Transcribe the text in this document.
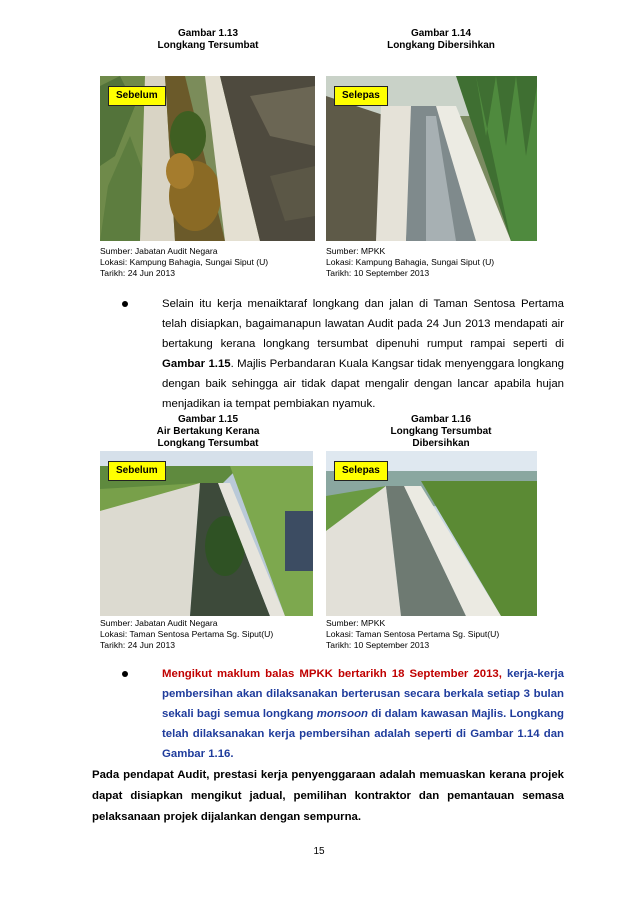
Gambar 1.13
Longkang Tersumbat
Sebelum
Sumber: Jabatan Audit Negara
Lokasi: Kampung Bahagia, Sungai Siput (U)
Tarikh: 24 Jun 2013
Gambar 1.14
Longkang Dibersihkan
Selepas
Sumber: MPKK
Lokasi: Kampung Bahagia, Sungai Siput (U)
Tarikh: 10 September 2013

Selain itu kerja menaiktaraf longkang dan jalan di Taman Sentosa Pertama telah disiapkan, bagaimanapun lawatan Audit pada 24 Jun 2013 mendapati air bertakung kerana longkang tersumbat dipenuhi rumput rampai seperti di Gambar 1.15. Majlis Perbandaran Kuala Kangsar tidak menyenggara longkang dengan baik sehingga air tidak dapat mengalir dengan lancar apabila hujan menjadikan ia tempat pembiakan nyamuk.

Gambar 1.15
Air Bertakung Kerana
Longkang Tersumbat
Sebelum
Sumber: Jabatan Audit Negara
Lokasi: Taman Sentosa Pertama Sg. Siput(U)
Tarikh: 24 Jun 2013
Gambar 1.16
Longkang Tersumbat
Dibersihkan
Selepas
Sumber: MPKK
Lokasi: Taman Sentosa Pertama Sg. Siput(U)
Tarikh: 10 September 2013

Mengikut maklum balas MPKK bertarikh 18 September 2013, kerja-kerja pembersihan akan dilaksanakan berterusan secara berkala setiap 3 bulan sekali bagi semua longkang monsoon di dalam kawasan Majlis. Longkang telah dilaksanakan kerja pembersihan adalah seperti di Gambar 1.14 dan Gambar 1.16.

Pada pendapat Audit, prestasi kerja penyenggaraan adalah memuaskan kerana projek dapat disiapkan mengikut jadual, pemilihan kontraktor dan pemantauan semasa pelaksanaan projek dijalankan dengan sempurna.

15
